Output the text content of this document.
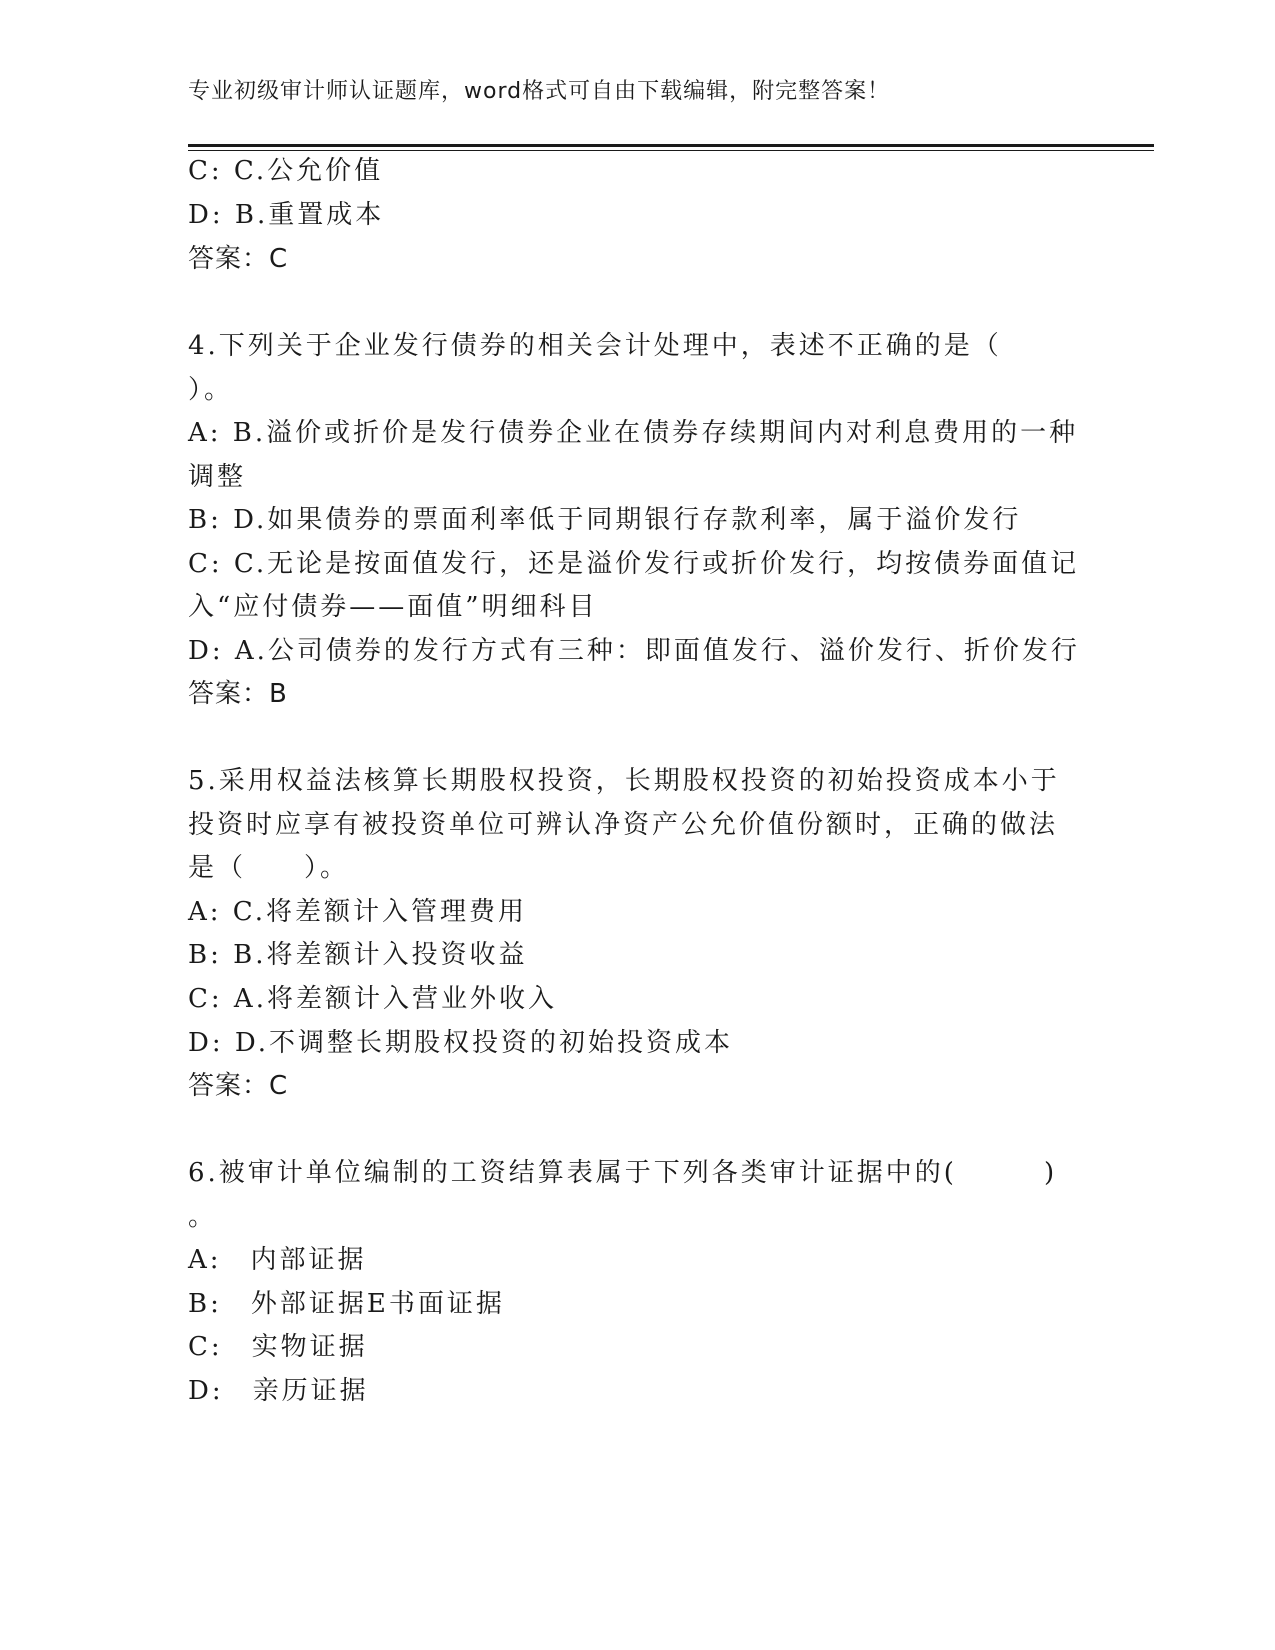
专业初级审计师认证题库，word格式可自由下载编辑，附完整答案！
C: C.公允价值
D: B.重置成本
答案：C
4.下列关于企业发行债券的相关会计处理中，表述不正确的是（
）。
A: B.溢价或折价是发行债券企业在债券存续期间内对利息费用的一种
调整
B: D.如果债券的票面利率低于同期银行存款利率，属于溢价发行
C: C.无论是按面值发行，还是溢价发行或折价发行，均按债券面值记
入“应付债券——面值”明细科目
D: A.公司债券的发行方式有三种：即面值发行、溢价发行、折价发行
答案：B
5.采用权益法核算长期股权投资，长期股权投资的初始投资成本小于
投资时应享有被投资单位可辨认净资产公允价值份额时，正确的做法
是（　　）。
A: C.将差额计入管理费用
B: B.将差额计入投资收益
C: A.将差额计入营业外收入
D: D.不调整长期股权投资的初始投资成本
答案：C
6.被审计单位编制的工资结算表属于下列各类审计证据中的(　　　)
。
A:　内部证据
B:　外部证据E书面证据
C:　实物证据
D:　亲历证据
